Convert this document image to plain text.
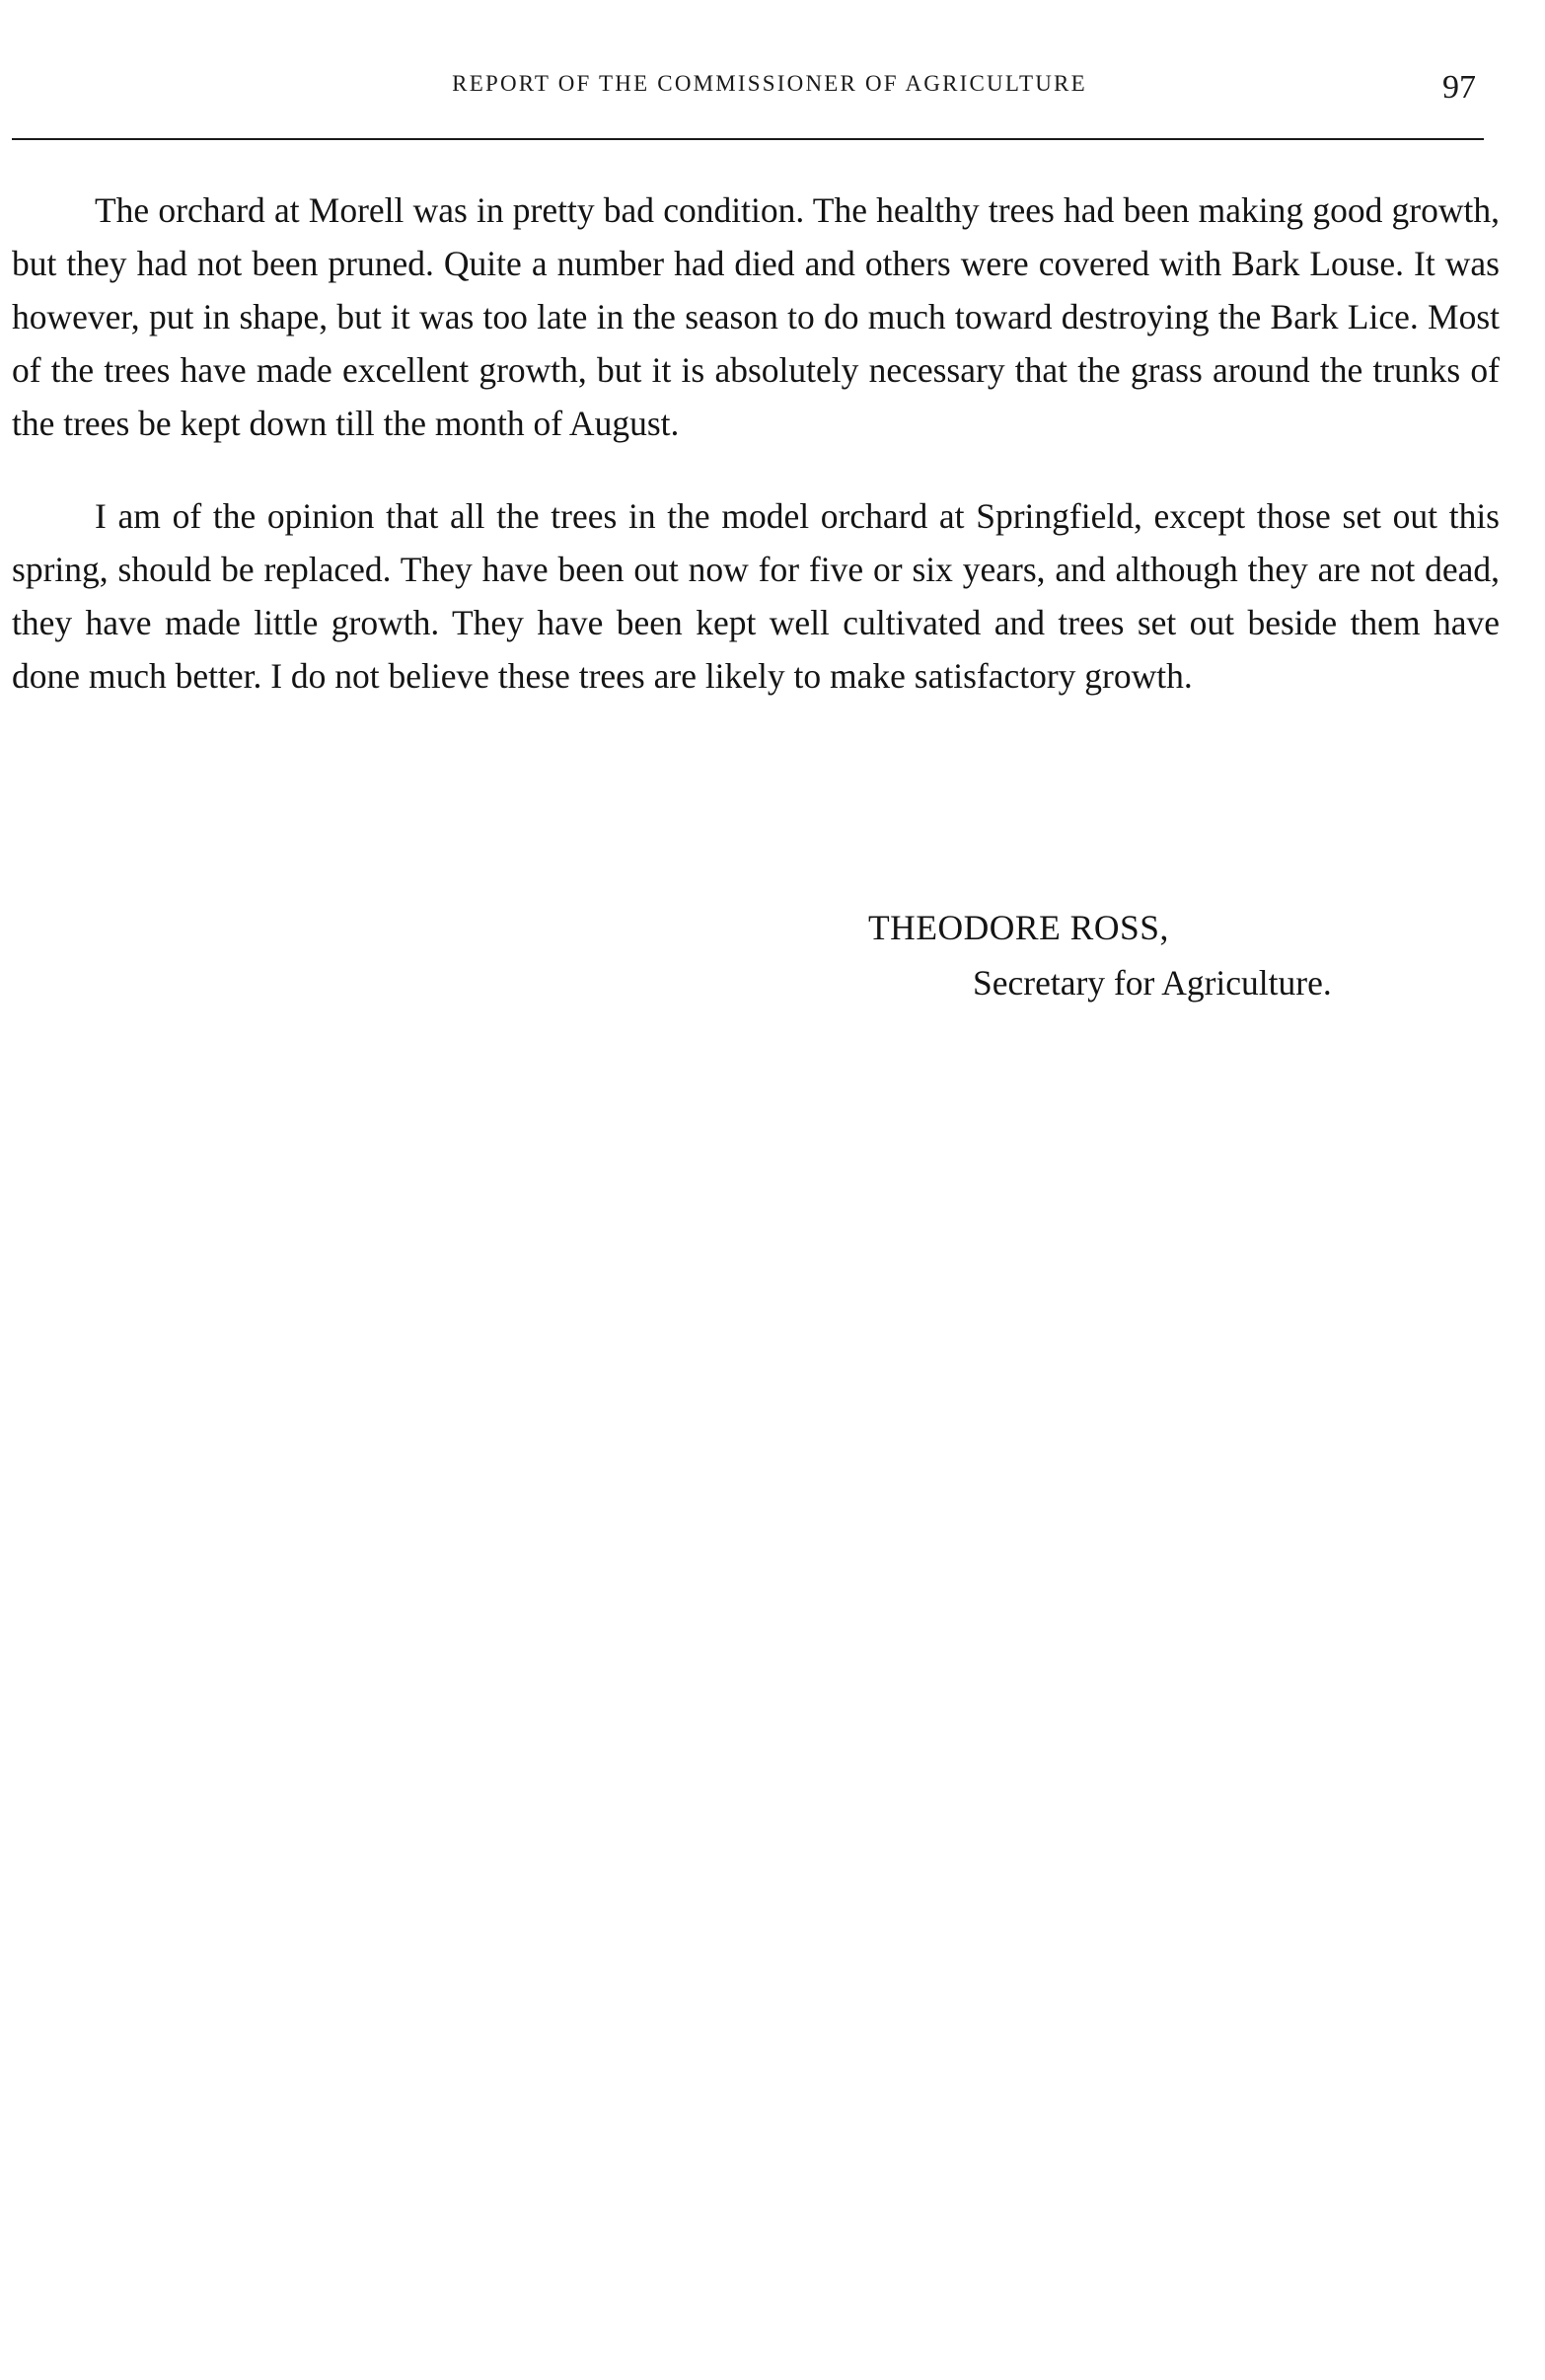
REPORT OF THE COMMISSIONER OF AGRICULTURE	97

The orchard at Morell was in pretty bad condition. The healthy trees had been making good growth, but they had not been pruned. Quite a number had died and others were covered with Bark Louse. It was however, put in shape, but it was too late in the season to do much toward destroying the Bark Lice. Most of the trees have made excellent growth, but it is absolutely necessary that the grass around the trunks of the trees be kept down till the month of August.

I am of the opinion that all the trees in the model orchard at Springfield, except those set out this spring, should be replaced. They have been out now for five or six years, and although they are not dead, they have made little growth. They have been kept well cultivated and trees set out beside them have done much better. I do not believe these trees are likely to make satisfactory growth.

THEODORE ROSS,
Secretary for Agriculture.
